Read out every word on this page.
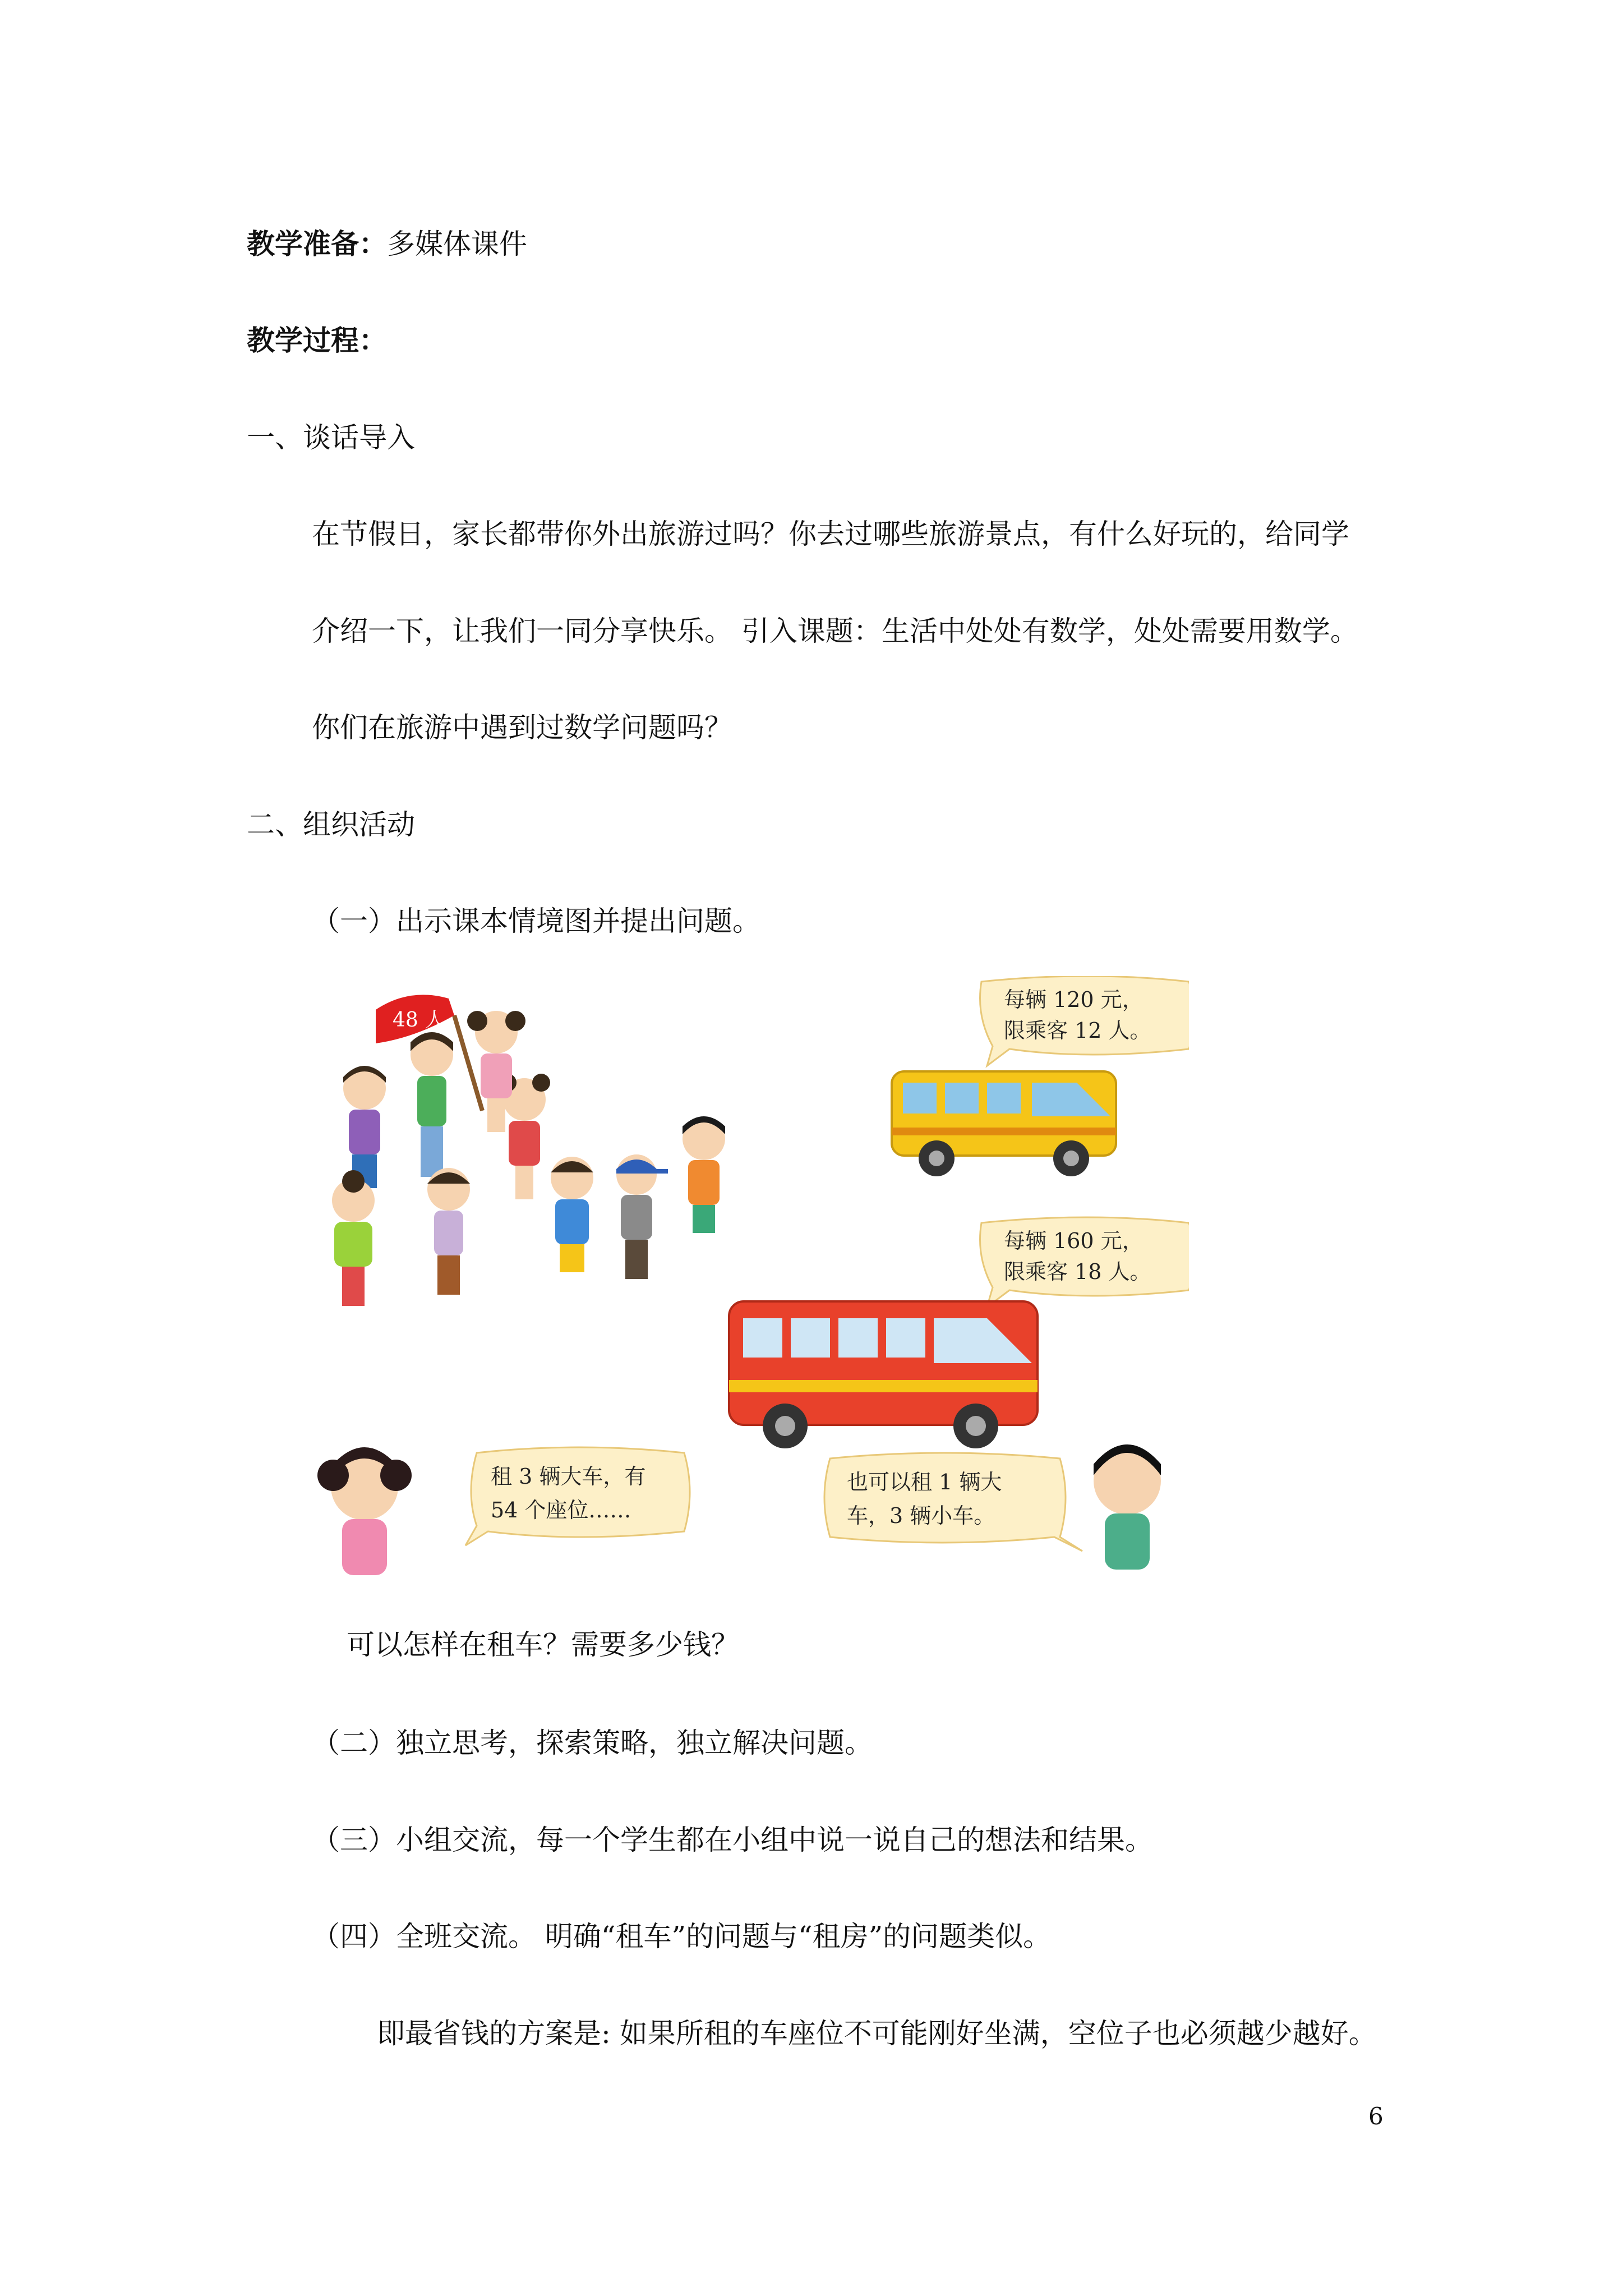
教学准备：多媒体课件
教学过程：
一、谈话导入
在节假日，家长都带你外出旅游过吗？你去过哪些旅游景点，有什么好玩的，给同学
介绍一下，让我们一同分享快乐。 引入课题：生活中处处有数学，处处需要用数学。
你们在旅游中遇到过数学问题吗？
二、组织活动
（一）出示课本情境图并提出问题。
48 人
每辆 120 元，
限乘客 12 人。
每辆 160 元，
限乘客 18 人。
租 3 辆大车，有
54 个座位……
也可以租 1 辆大
车，3 辆小车。
可以怎样在租车？需要多少钱？
（二）独立思考，探索策略，独立解决问题。
（三）小组交流，每一个学生都在小组中说一说自己的想法和结果。
（四）全班交流。 明确“租车”的问题与“租房”的问题类似。
即最省钱的方案是: 如果所租的车座位不可能刚好坐满，空位子也必须越少越好。
6
